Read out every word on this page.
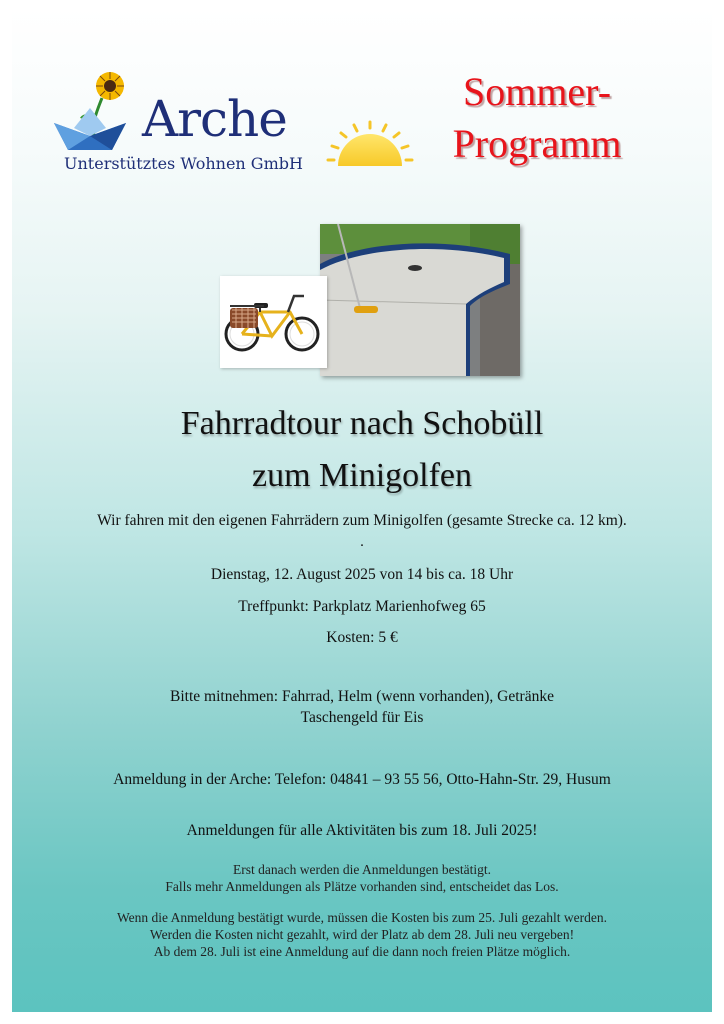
Arche
Unterstütztes Wohnen GmbH
Sommer-
Programm
Fahrradtour nach Schobüll
zum Minigolfen
Wir fahren mit den eigenen Fahrrädern zum Minigolfen (gesamte Strecke ca. 12 km).
.
Dienstag, 12. August 2025 von 14 bis ca. 18 Uhr
Treffpunkt: Parkplatz Marienhofweg 65
Kosten: 5 €
Bitte mitnehmen: Fahrrad, Helm (wenn vorhanden), Getränke
Taschengeld für Eis
Anmeldung in der Arche: Telefon: 04841 – 93 55 56, Otto-Hahn-Str. 29, Husum
Anmeldungen für alle Aktivitäten bis zum 18. Juli 2025!
Erst danach werden die Anmeldungen bestätigt.
Falls mehr Anmeldungen als Plätze vorhanden sind, entscheidet das Los.
Wenn die Anmeldung bestätigt wurde, müssen die Kosten bis zum 25. Juli gezahlt werden.
Werden die Kosten nicht gezahlt, wird der Platz ab dem 28. Juli neu vergeben!
Ab dem 28. Juli ist eine Anmeldung auf die dann noch freien Plätze möglich.
